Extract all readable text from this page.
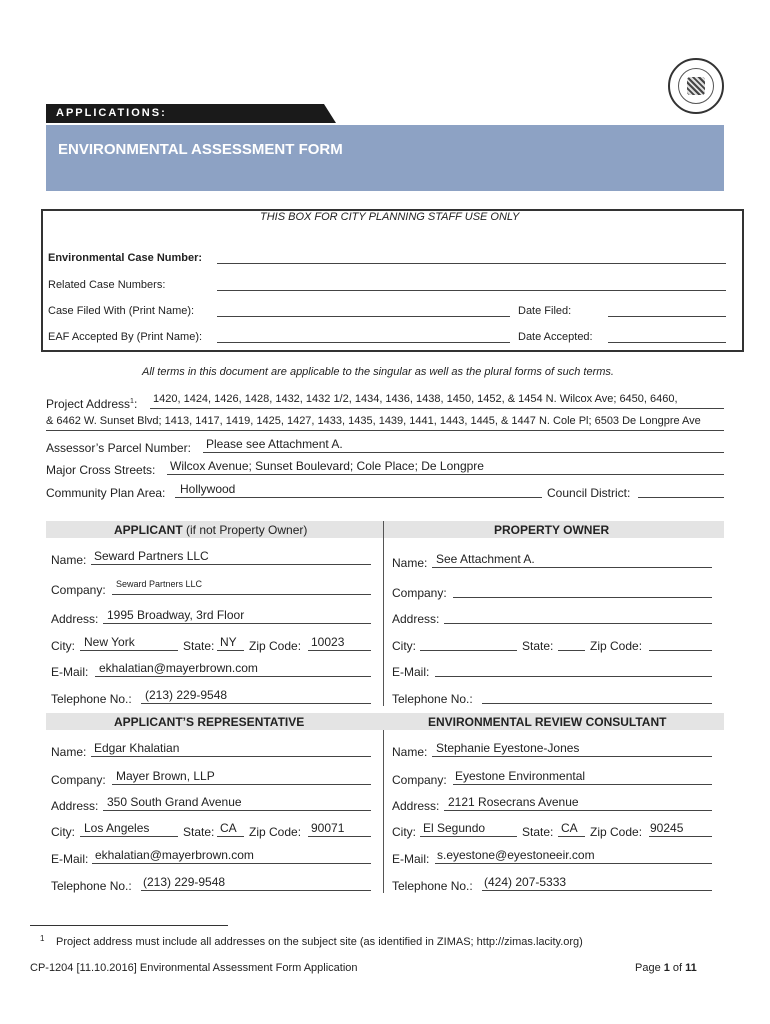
APPLICATIONS:
ENVIRONMENTAL ASSESSMENT FORM
THIS BOX FOR CITY PLANNING STAFF USE ONLY
Environmental Case Number:
Related Case Numbers:
Case Filed With (Print Name):	Date Filed:
EAF Accepted By (Print Name):	Date Accepted:
All terms in this document are applicable to the singular as well as the plural forms of such terms.
Project Address$^1$: 1420, 1424, 1426, 1428, 1432, 1432 1/2, 1434, 1436, 1438, 1450, 1452, & 1454 N. Wilcox Ave; 6450, 6460,
& 6462 W. Sunset Blvd; 1413, 1417, 1419, 1425, 1427, 1433, 1435, 1439, 1441, 1443, 1445, & 1447 N. Cole Pl; 6503 De Longpre Ave
Assessor’s Parcel Number: Please see Attachment A.
Major Cross Streets: Wilcox Avenue; Sunset Boulevard; Cole Place; De Longpre
Community Plan Area: Hollywood	Council District:
APPLICANT (if not Property Owner)	PROPERTY OWNER
Name: Seward Partners LLC
Company: Seward Partners LLC
Address: 1995 Broadway, 3rd Floor
City: New York	State: NY Zip Code: 10023
E-Mail: ekhalatian@mayerbrown.com
Telephone No.: (213) 229-9548
Name: See Attachment A.
Company:
Address:
City:	State:	Zip Code:
E-Mail:
Telephone No.:
APPLICANT’S REPRESENTATIVE	ENVIRONMENTAL REVIEW CONSULTANT
Name: Edgar Khalatian
Company: Mayer Brown, LLP
Address: 350 South Grand Avenue
City: Los Angeles	State: CA Zip Code: 90071
E-Mail: ekhalatian@mayerbrown.com
Telephone No.: (213) 229-9548
Name: Stephanie Eyestone-Jones
Company: Eyestone Environmental
Address: 2121 Rosecrans Avenue
City: El Segundo	State: CA Zip Code: 90245
E-Mail: s.eyestone@eyestoneeir.com
Telephone No.: (424) 207-5333
1 Project address must include all addresses on the subject site (as identified in ZIMAS; http://zimas.lacity.org)
CP-1204 [11.10.2016] Environmental Assessment Form Application	Page 1 of 11
